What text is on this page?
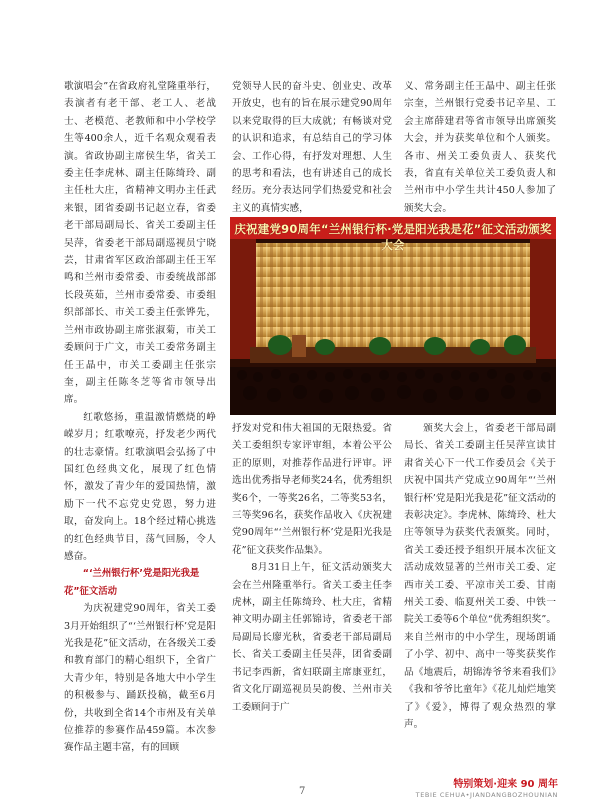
歌演唱会”在省政府礼堂隆重举行，表演者有老干部、老工人、老战士、老模范、老教师和中小学校学生等400余人，近千名观众观看表演。省政协副主席侯生华，省关工委主任李虎林、副主任陈绮玲、副主任杜大庄，省精神文明办主任武来银，团省委副书记赵立春，省委老干部局副局长、省关工委副主任吴萍，省委老干部局副巡视员宁晓芸，甘肃省军区政治部副主任王军鸣和兰州市委常委、市委统战部部长段英茹，兰州市委常委、市委组织部部长、市关工委主任张铧先，兰州市政协副主席张淑菊，市关工委顾问于广文，市关工委常务副主任王晶中，市关工委副主任张宗奎，副主任陈冬芝等省市领导出席。

红歌悠扬，重温激情燃烧的峥嵘岁月；红歌嘹亮，抒发老少两代的壮志豪情。红歌演唱会弘扬了中国红色经典文化，展现了红色情怀，激发了青少年的爱国热情，激励下一代不忘党史党恩，努力进取，奋发向上。18个经过精心挑选的红色经典节目，荡气回肠，令人感奋。

“‘兰州银行杯’党是阳光我是

花”征文活动

为庆祝建党90周年，省关工委3月开始组织了“‘兰州银行杯’党是阳光我是花”征文活动，在各级关工委和教育部门的精心组织下，全省广大青少年，特别是各地大中小学生的积极参与、踊跃投稿，截至6月份，共收到全省14个市州及有关单位推荐的参赛作品459篇。本次参赛作品主题丰富，有的回顾

党领导人民的奋斗史、创业史、改革开放史，也有的旨在展示建党90周年以来党取得的巨大成就；有畅谈对党的认识和追求，有总结自己的学习体会、工作心得，有抒发对理想、人生的思考和看法，也有讲述自己的成长经历。充分表达同学们热爱党和社会主义的真情实感，

义、常务副主任王晶中、副主任张宗奎，兰州银行党委书记辛星、工会主席薛建君等省市领导出席颁奖大会，并为获奖单位和个人颁奖。各市、州关工委负责人、获奖代表，省直有关单位关工委负责人和兰州市中小学生共计450人参加了颁奖大会。

庆祝建党90周年“兰州银行杯·党是阳光我是花”征文活动颁奖大会

抒发对党和伟大祖国的无限热爱。省关工委组织专家评审组，本着公平公正的原则，对推荐作品进行评审。评选出优秀指导老师奖24名，优秀组织奖6个，一等奖26名，二等奖53名，三等奖96名，获奖作品收入《庆祝建党90周年“‘兰州银行杯’党是阳光我是花”征文获奖作品集》。

8月31日上午，征文活动颁奖大会在兰州隆重举行。省关工委主任李虎林，副主任陈绮玲、杜大庄，省精神文明办副主任郭锦诗，省委老干部局副局长廖光秋，省委老干部局副局长、省关工委副主任吴萍，团省委副书记李西新，省妇联副主席康亚红，省文化厅副巡视员吴韵俊、兰州市关工委顾问于广

颁奖大会上，省委老干部局副局长、省关工委副主任吴萍宣读甘肃省关心下一代工作委员会《关于庆祝中国共产党成立90周年“‘兰州银行杯’党是阳光我是花”征文活动的表彰决定》。李虎林、陈绮玲、杜大庄等领导为获奖代表颁奖。同时，省关工委还授予组织开展本次征文活动成效显著的兰州市关工委、定西市关工委、平凉市关工委、甘南州关工委、临夏州关工委、中铁一院关工委等6个单位“优秀组织奖”。来自兰州市的中小学生，现场朗诵了小学、初中、高中一等奖获奖作品《地震后，胡锦涛爷爷来看我们》《我和爷爷比童年》《花儿灿烂地笑了》《爱》，博得了观众热烈的掌声。

7
特别策划·迎来 90 周年
TEBIE CEHUA•JIANDANGBOZHOUNIAN
